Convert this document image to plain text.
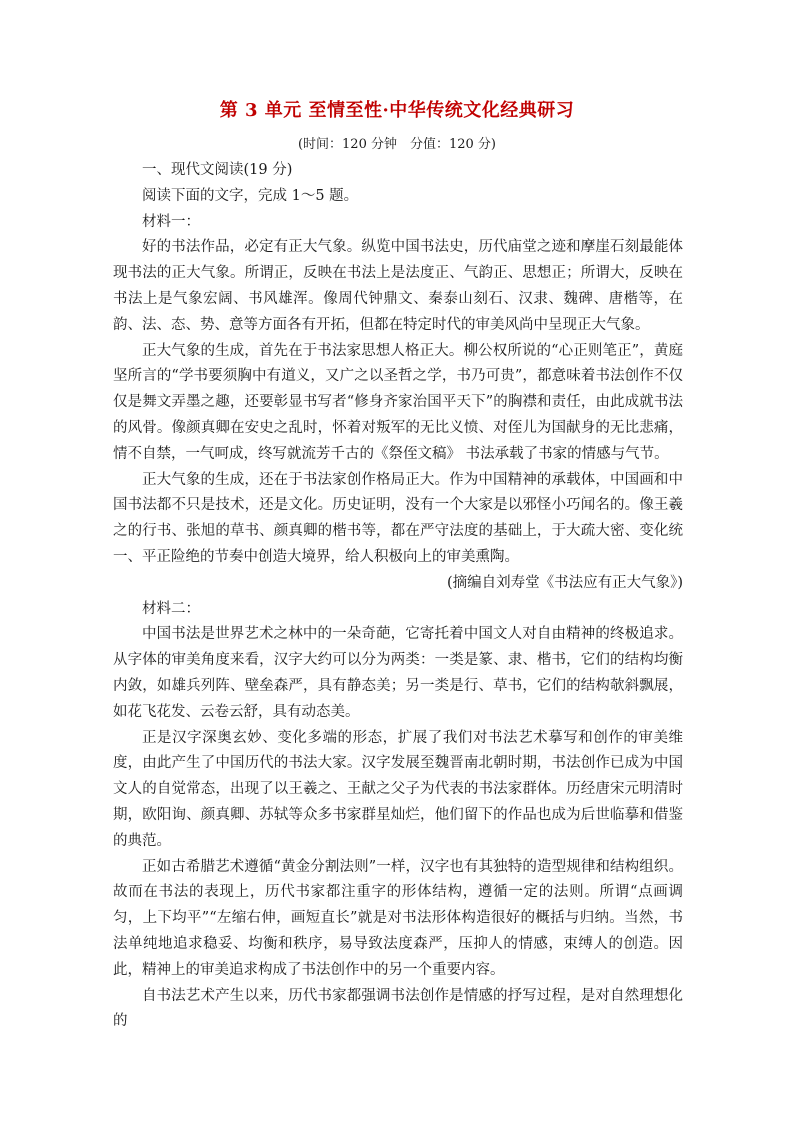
第 3 单元 至情至性·中华传统文化经典研习
(时间：120 分钟　分值：120 分)

一、现代文阅读(19 分)

阅读下面的文字，完成 1～5 题。

材料一：

好的书法作品，必定有正大气象。纵览中国书法史，历代庙堂之迹和摩崖石刻最能体现书法的正大气象。所谓正，反映在书法上是法度正、气韵正、思想正；所谓大，反映在书法上是气象宏阔、书风雄浑。像周代钟鼎文、秦泰山刻石、汉隶、魏碑、唐楷等，在韵、法、态、势、意等方面各有开拓，但都在特定时代的审美风尚中呈现正大气象。

正大气象的生成，首先在于书法家思想人格正大。柳公权所说的“心正则笔正”，黄庭坚所言的“学书要须胸中有道义，又广之以圣哲之学，书乃可贵”，都意味着书法创作不仅仅是舞文弄墨之趣，还要彰显书写者“修身齐家治国平天下”的胸襟和责任，由此成就书法的风骨。像颜真卿在安史之乱时，怀着对叛军的无比义愤、对侄儿为国献身的无比悲痛，情不自禁，一气呵成，终写就流芳千古的《祭侄文稿》 书法承载了书家的情感与气节。

正大气象的生成，还在于书法家创作格局正大。作为中国精神的承载体，中国画和中国书法都不只是技术，还是文化。历史证明，没有一个大家是以邪怪小巧闻名的。像王羲之的行书、张旭的草书、颜真卿的楷书等，都在严守法度的基础上，于大疏大密、变化统一、平正险绝的节奏中创造大境界，给人积极向上的审美熏陶。

(摘编自刘寿堂《书法应有正大气象》)

材料二：

中国书法是世界艺术之林中的一朵奇葩，它寄托着中国文人对自由精神的终极追求。从字体的审美角度来看，汉字大约可以分为两类：一类是篆、隶、楷书，它们的结构均衡内敛，如雄兵列阵、壁垒森严，具有静态美；另一类是行、草书，它们的结构欹斜飘展，如花飞花发、云卷云舒，具有动态美。

正是汉字深奥玄妙、变化多端的形态，扩展了我们对书法艺术摹写和创作的审美维度，由此产生了中国历代的书法大家。汉字发展至魏晋南北朝时期，书法创作已成为中国文人的自觉常态，出现了以王羲之、王献之父子为代表的书法家群体。历经唐宋元明清时期，欧阳询、颜真卿、苏轼等众多书家群星灿烂，他们留下的作品也成为后世临摹和借鉴的典范。

正如古希腊艺术遵循“黄金分割法则”一样，汉字也有其独特的造型规律和结构组织。故而在书法的表现上，历代书家都注重字的形体结构，遵循一定的法则。所谓“点画调匀，上下均平”“左缩右伸，画短直长”就是对书法形体构造很好的概括与归纳。当然，书法单纯地追求稳妥、均衡和秩序，易导致法度森严，压抑人的情感，束缚人的创造。因此，精神上的审美追求构成了书法创作中的另一个重要内容。

自书法艺术产生以来，历代书家都强调书法创作是情感的抒写过程，是对自然理想化的
